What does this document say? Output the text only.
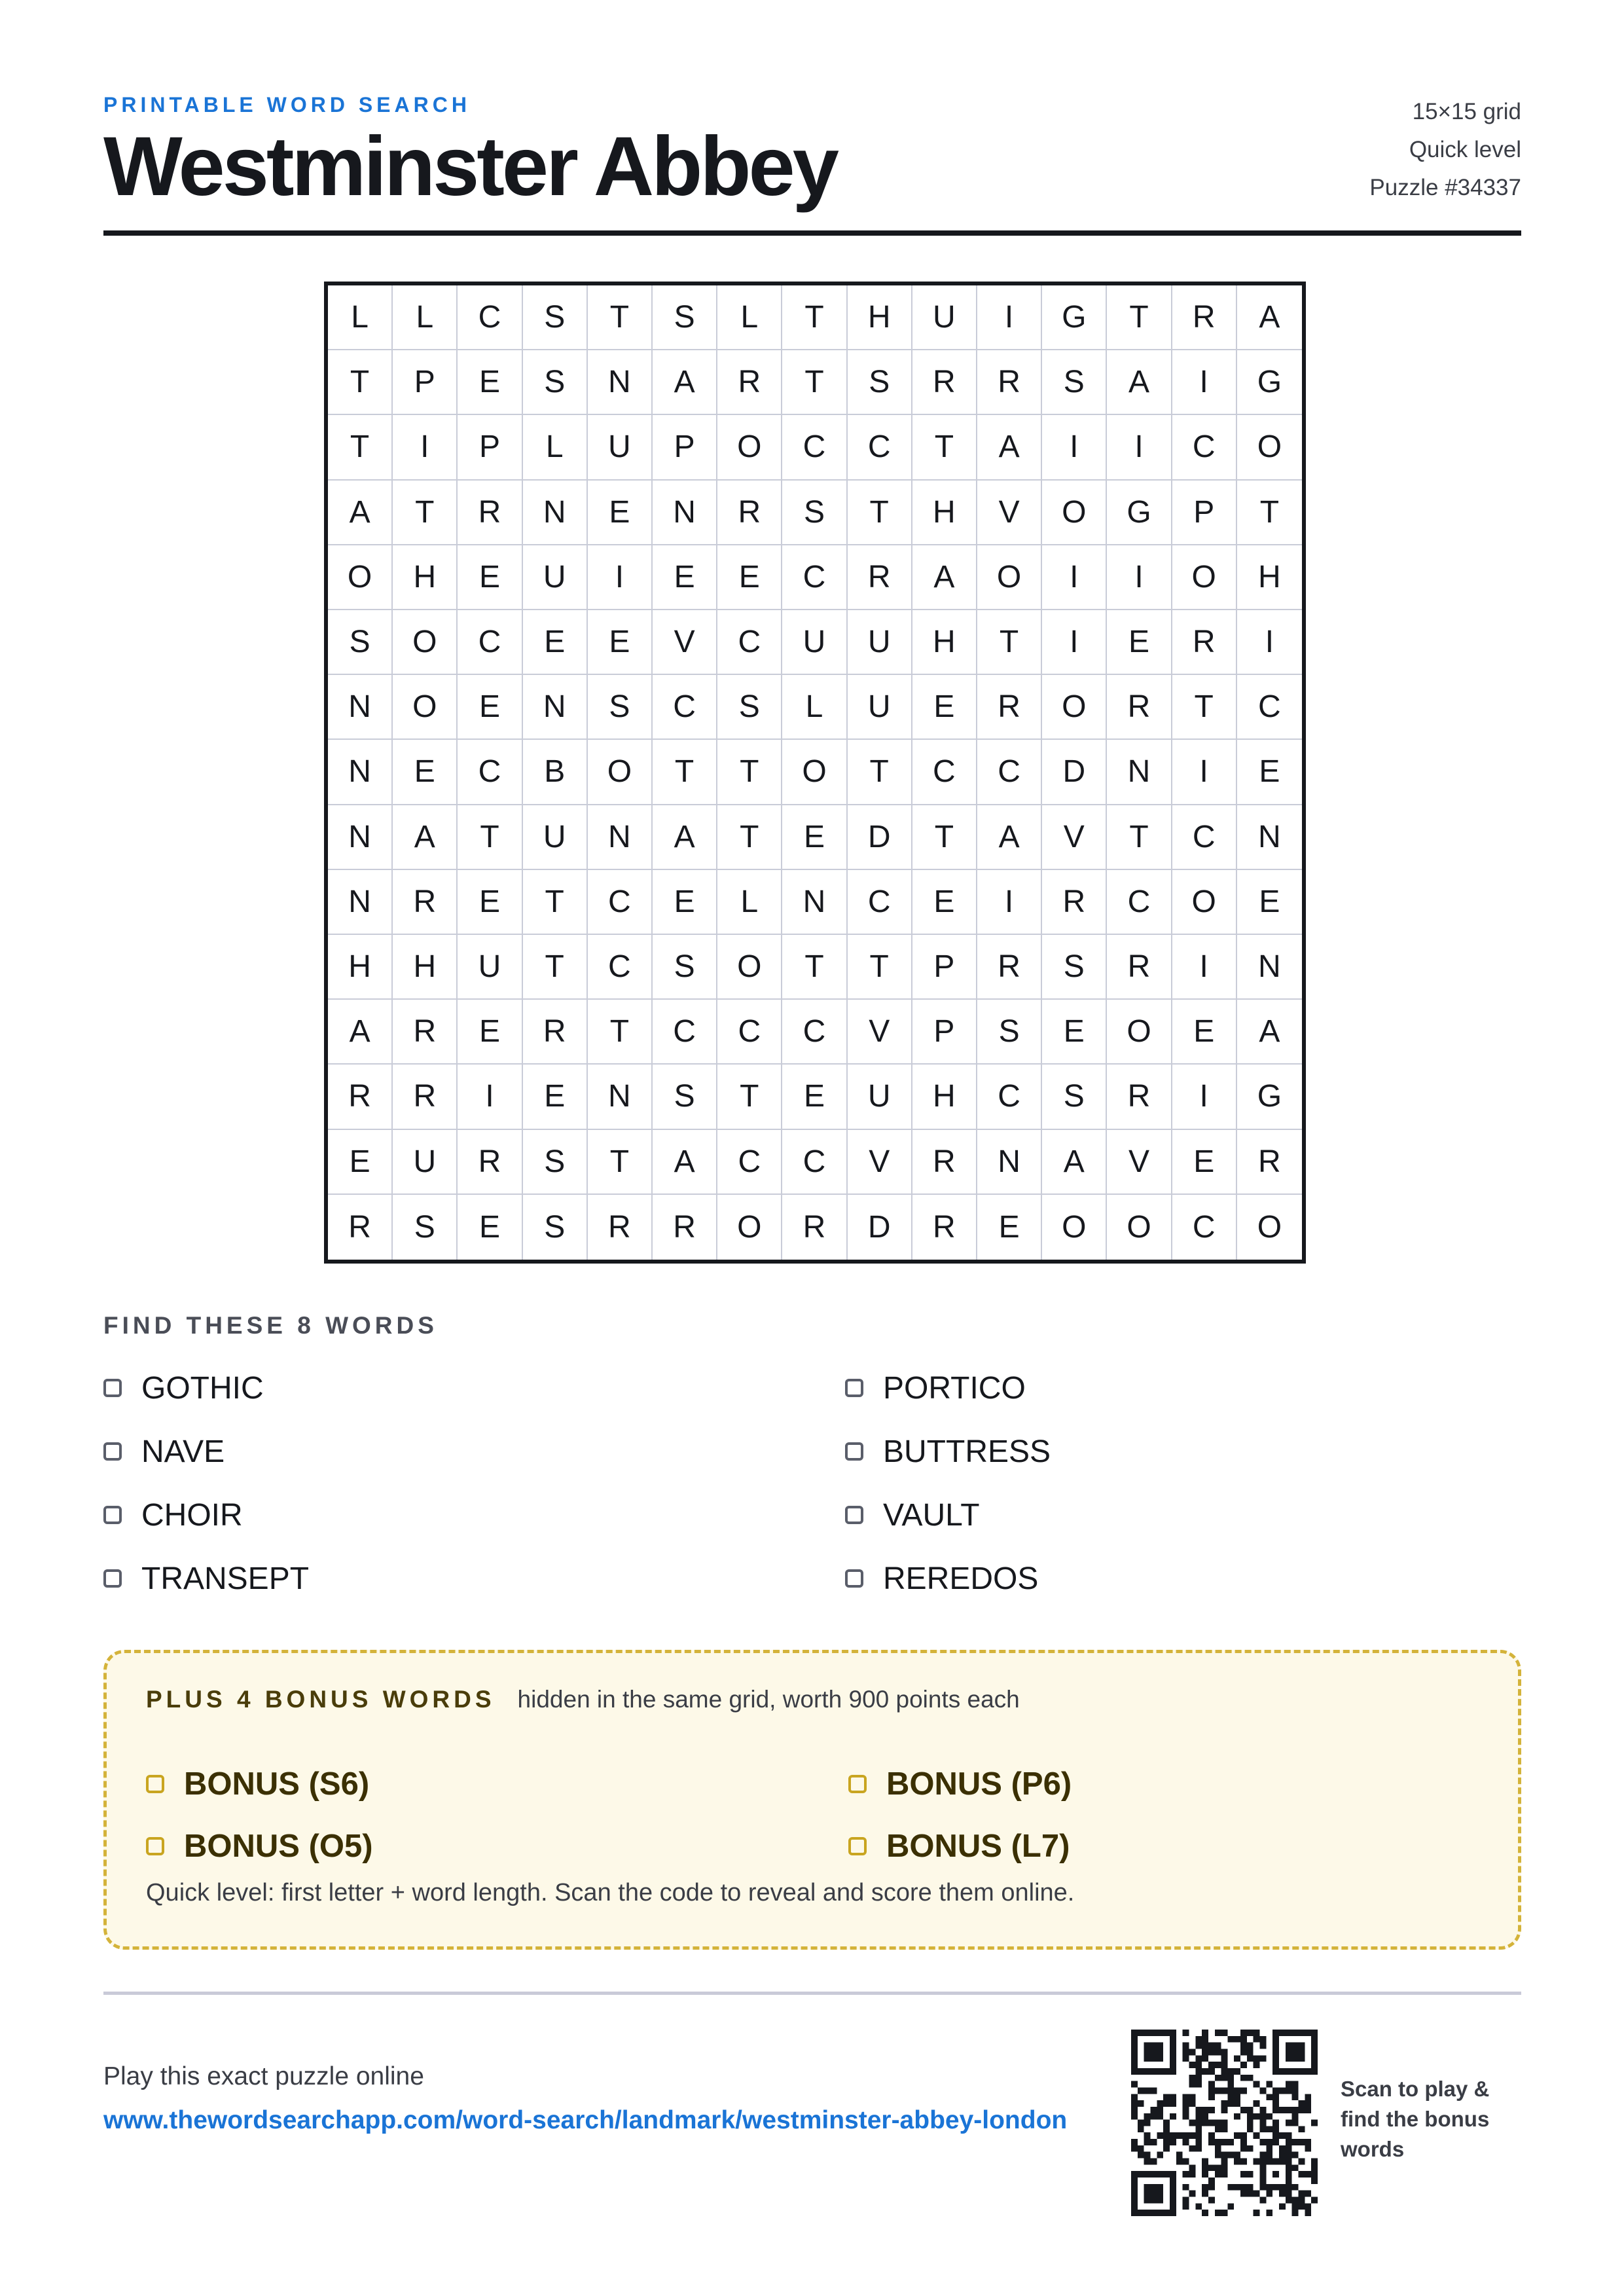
PRINTABLE WORD SEARCH
Westminster Abbey
15×15 grid
Quick level
Puzzle #34337
L	L	C	S	T	S	L	T	H	U	I	G	T	R	A
T	P	E	S	N	A	R	T	S	R	R	S	A	I	G
T	I	P	L	U	P	O	C	C	T	A	I	I	C	O
A	T	R	N	E	N	R	S	T	H	V	O	G	P	T
O	H	E	U	I	E	E	C	R	A	O	I	I	O	H
S	O	C	E	E	V	C	U	U	H	T	I	E	R	I
N	O	E	N	S	C	S	L	U	E	R	O	R	T	C
N	E	C	B	O	T	T	O	T	C	C	D	N	I	E
N	A	T	U	N	A	T	E	D	T	A	V	T	C	N
N	R	E	T	C	E	L	N	C	E	I	R	C	O	E
H	H	U	T	C	S	O	T	T	P	R	S	R	I	N
A	R	E	R	T	C	C	C	V	P	S	E	O	E	A
R	R	I	E	N	S	T	E	U	H	C	S	R	I	G
E	U	R	S	T	A	C	C	V	R	N	A	V	E	R
R	S	E	S	R	R	O	R	D	R	E	O	O	C	O
FIND THESE 8 WORDS
GOTHIC
NAVE
CHOIR
TRANSEPT
PORTICO
BUTTRESS
VAULT
REREDOS
PLUS 4 BONUS WORDS hidden in the same grid, worth 900 points each
BONUS (S6)
BONUS (O5)
BONUS (P6)
BONUS (L7)
Quick level: first letter + word length. Scan the code to reveal and score them online.
Play this exact puzzle online
www.thewordsearchapp.com/word-search/landmark/westminster-abbey-london
Scan to play & find the bonus words
